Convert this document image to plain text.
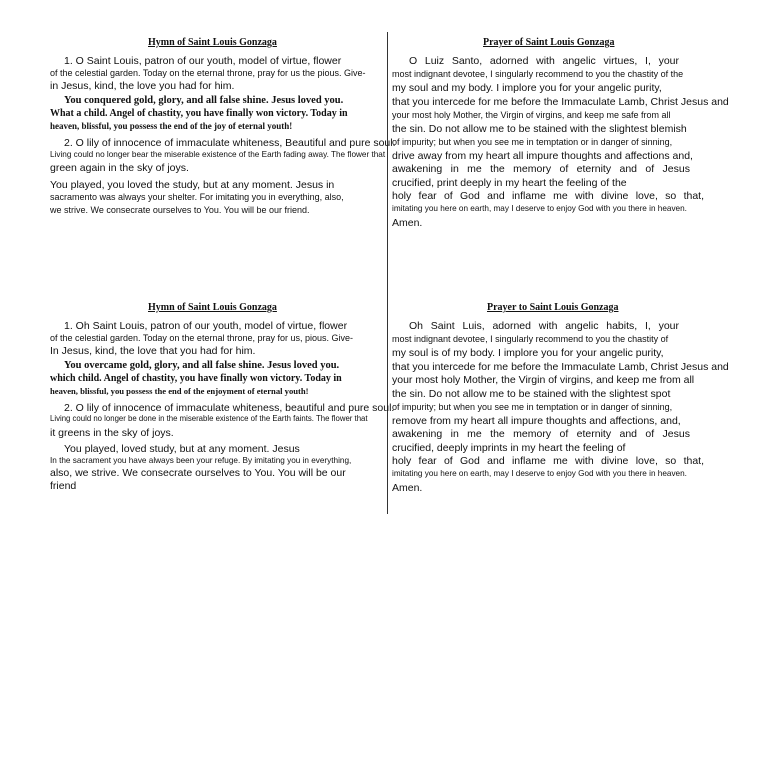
Hymn of Saint Louis Gonzaga
1. O Saint Louis, patron of our youth, model of virtue, flower
of the celestial garden. Today on the eternal throne, pray for us the pious. Give-
in Jesus, kind, the love you had for him.
You conquered gold, glory, and all false shine. Jesus loved you.
What a child. Angel of chastity, you have finally won victory. Today in
heaven, blissful, you possess the end of the joy of eternal youth!
2. O lily of innocence of immaculate whiteness, Beautiful and pure soul.
Living could no longer bear the miserable existence of the Earth fading away. The flower that
green again in the sky of joys.
You played, you loved the study, but at any moment. Jesus in
sacramento was always your shelter. For imitating you in everything, also,
we strive. We consecrate ourselves to You. You will be our friend.
Prayer of Saint Louis Gonzaga
O Luiz Santo, adorned with angelic virtues, I, your
most indignant devotee, I singularly recommend to you the chastity of the
my soul and my body. I implore you for your angelic purity,
that you intercede for me before the Immaculate Lamb, Christ Jesus and
your most holy Mother, the Virgin of virgins, and keep me safe from all
the sin. Do not allow me to be stained with the slightest blemish
of impurity; but when you see me in temptation or in danger of sinning,
drive away from my heart all impure thoughts and affections and,
awakening in me the memory of eternity and of Jesus
crucified, print deeply in my heart the feeling of the
holy fear of God and inflame me with divine love, so that,
imitating you here on earth, may I deserve to enjoy God with you there in heaven.
Amen.
Hymn of Saint Louis Gonzaga
1. Oh Saint Louis, patron of our youth, model of virtue, flower
of the celestial garden. Today on the eternal throne, pray for us, pious. Give-
In Jesus, kind, the love that you had for him.
You overcame gold, glory, and all false shine. Jesus loved you.
which child. Angel of chastity, you have finally won victory. Today in
heaven, blissful, you possess the end of the enjoyment of eternal youth!
2. O lily of innocence of immaculate whiteness, beautiful and pure soul.
Living could no longer be done in the miserable existence of the Earth faints. The flower that
it greens in the sky of joys.
You played, loved study, but at any moment. Jesus
In the sacrament you have always been your refuge. By imitating you in everything,
also, we strive. We consecrate ourselves to You. You will be our
friend
Prayer to Saint Louis Gonzaga
Oh Saint Luis, adorned with angelic habits, I, your
most indignant devotee, I singularly recommend to you the chastity of
my soul is of my body. I implore you for your angelic purity,
that you intercede for me before the Immaculate Lamb, Christ Jesus and
your most holy Mother, the Virgin of virgins, and keep me from all
the sin. Do not allow me to be stained with the slightest spot
of impurity; but when you see me in temptation or in danger of sinning,
remove from my heart all impure thoughts and affections, and,
awakening in me the memory of eternity and of Jesus
crucified, deeply imprints in my heart the feeling of
holy fear of God and inflame me with divine love, so that,
imitating you here on earth, may I deserve to enjoy God with you there in heaven.
Amen.
